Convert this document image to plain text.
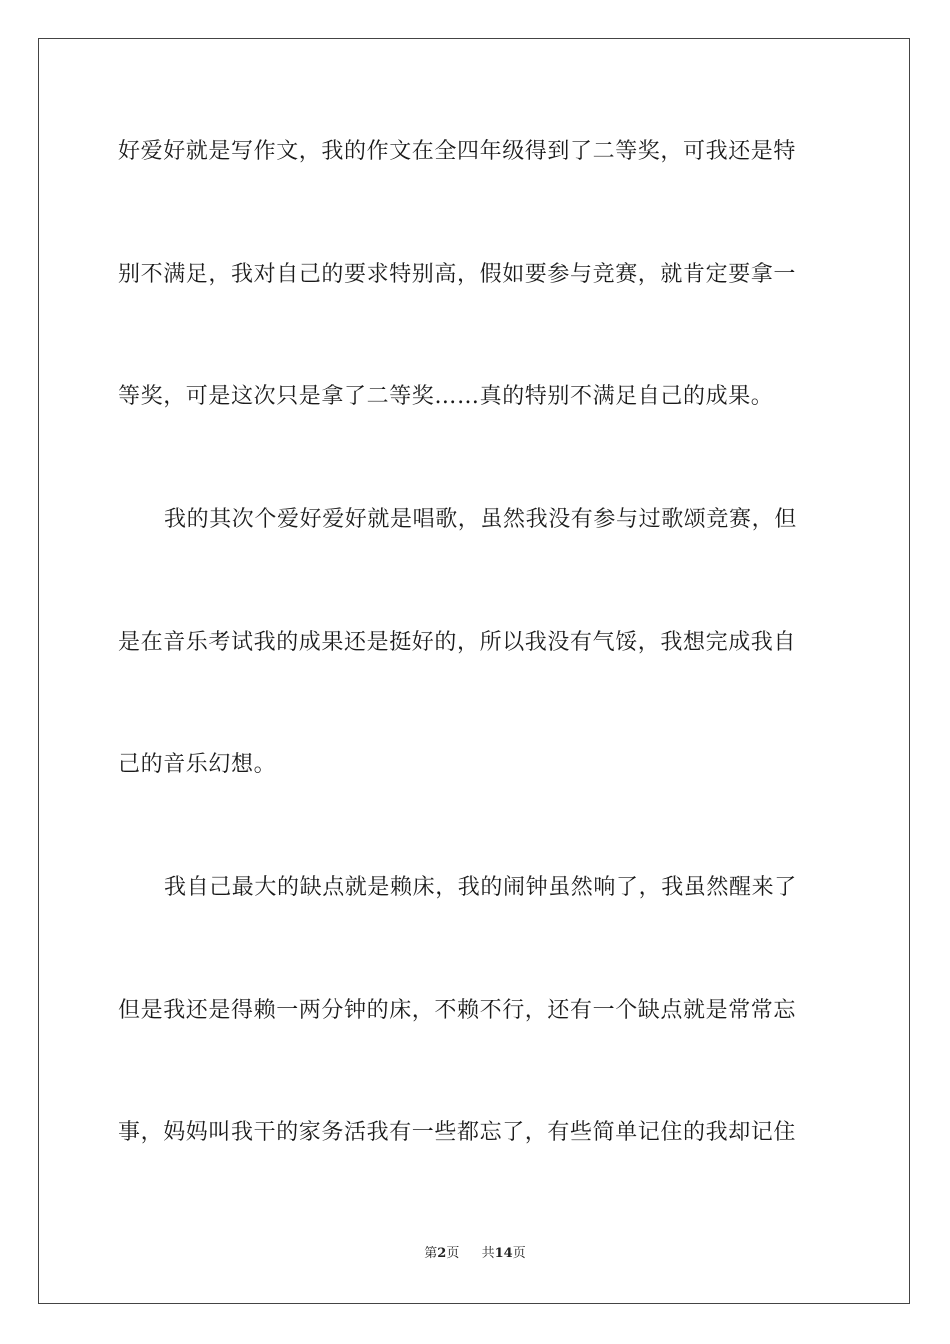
好爱好就是写作文，我的作文在全四年级得到了二等奖，可我还是特
别不满足，我对自己的要求特别高，假如要参与竞赛，就肯定要拿一
等奖，可是这次只是拿了二等奖……真的特别不满足自己的成果。
我的其次个爱好爱好就是唱歌，虽然我没有参与过歌颂竞赛，但
是在音乐考试我的成果还是挺好的，所以我没有气馁，我想完成我自
己的音乐幻想。
我自己最大的缺点就是赖床，我的闹钟虽然响了，我虽然醒来了
但是我还是得赖一两分钟的床，不赖不行，还有一个缺点就是常常忘
事，妈妈叫我干的家务活我有一些都忘了，有些简单记住的我却记住
第2页 共14页
